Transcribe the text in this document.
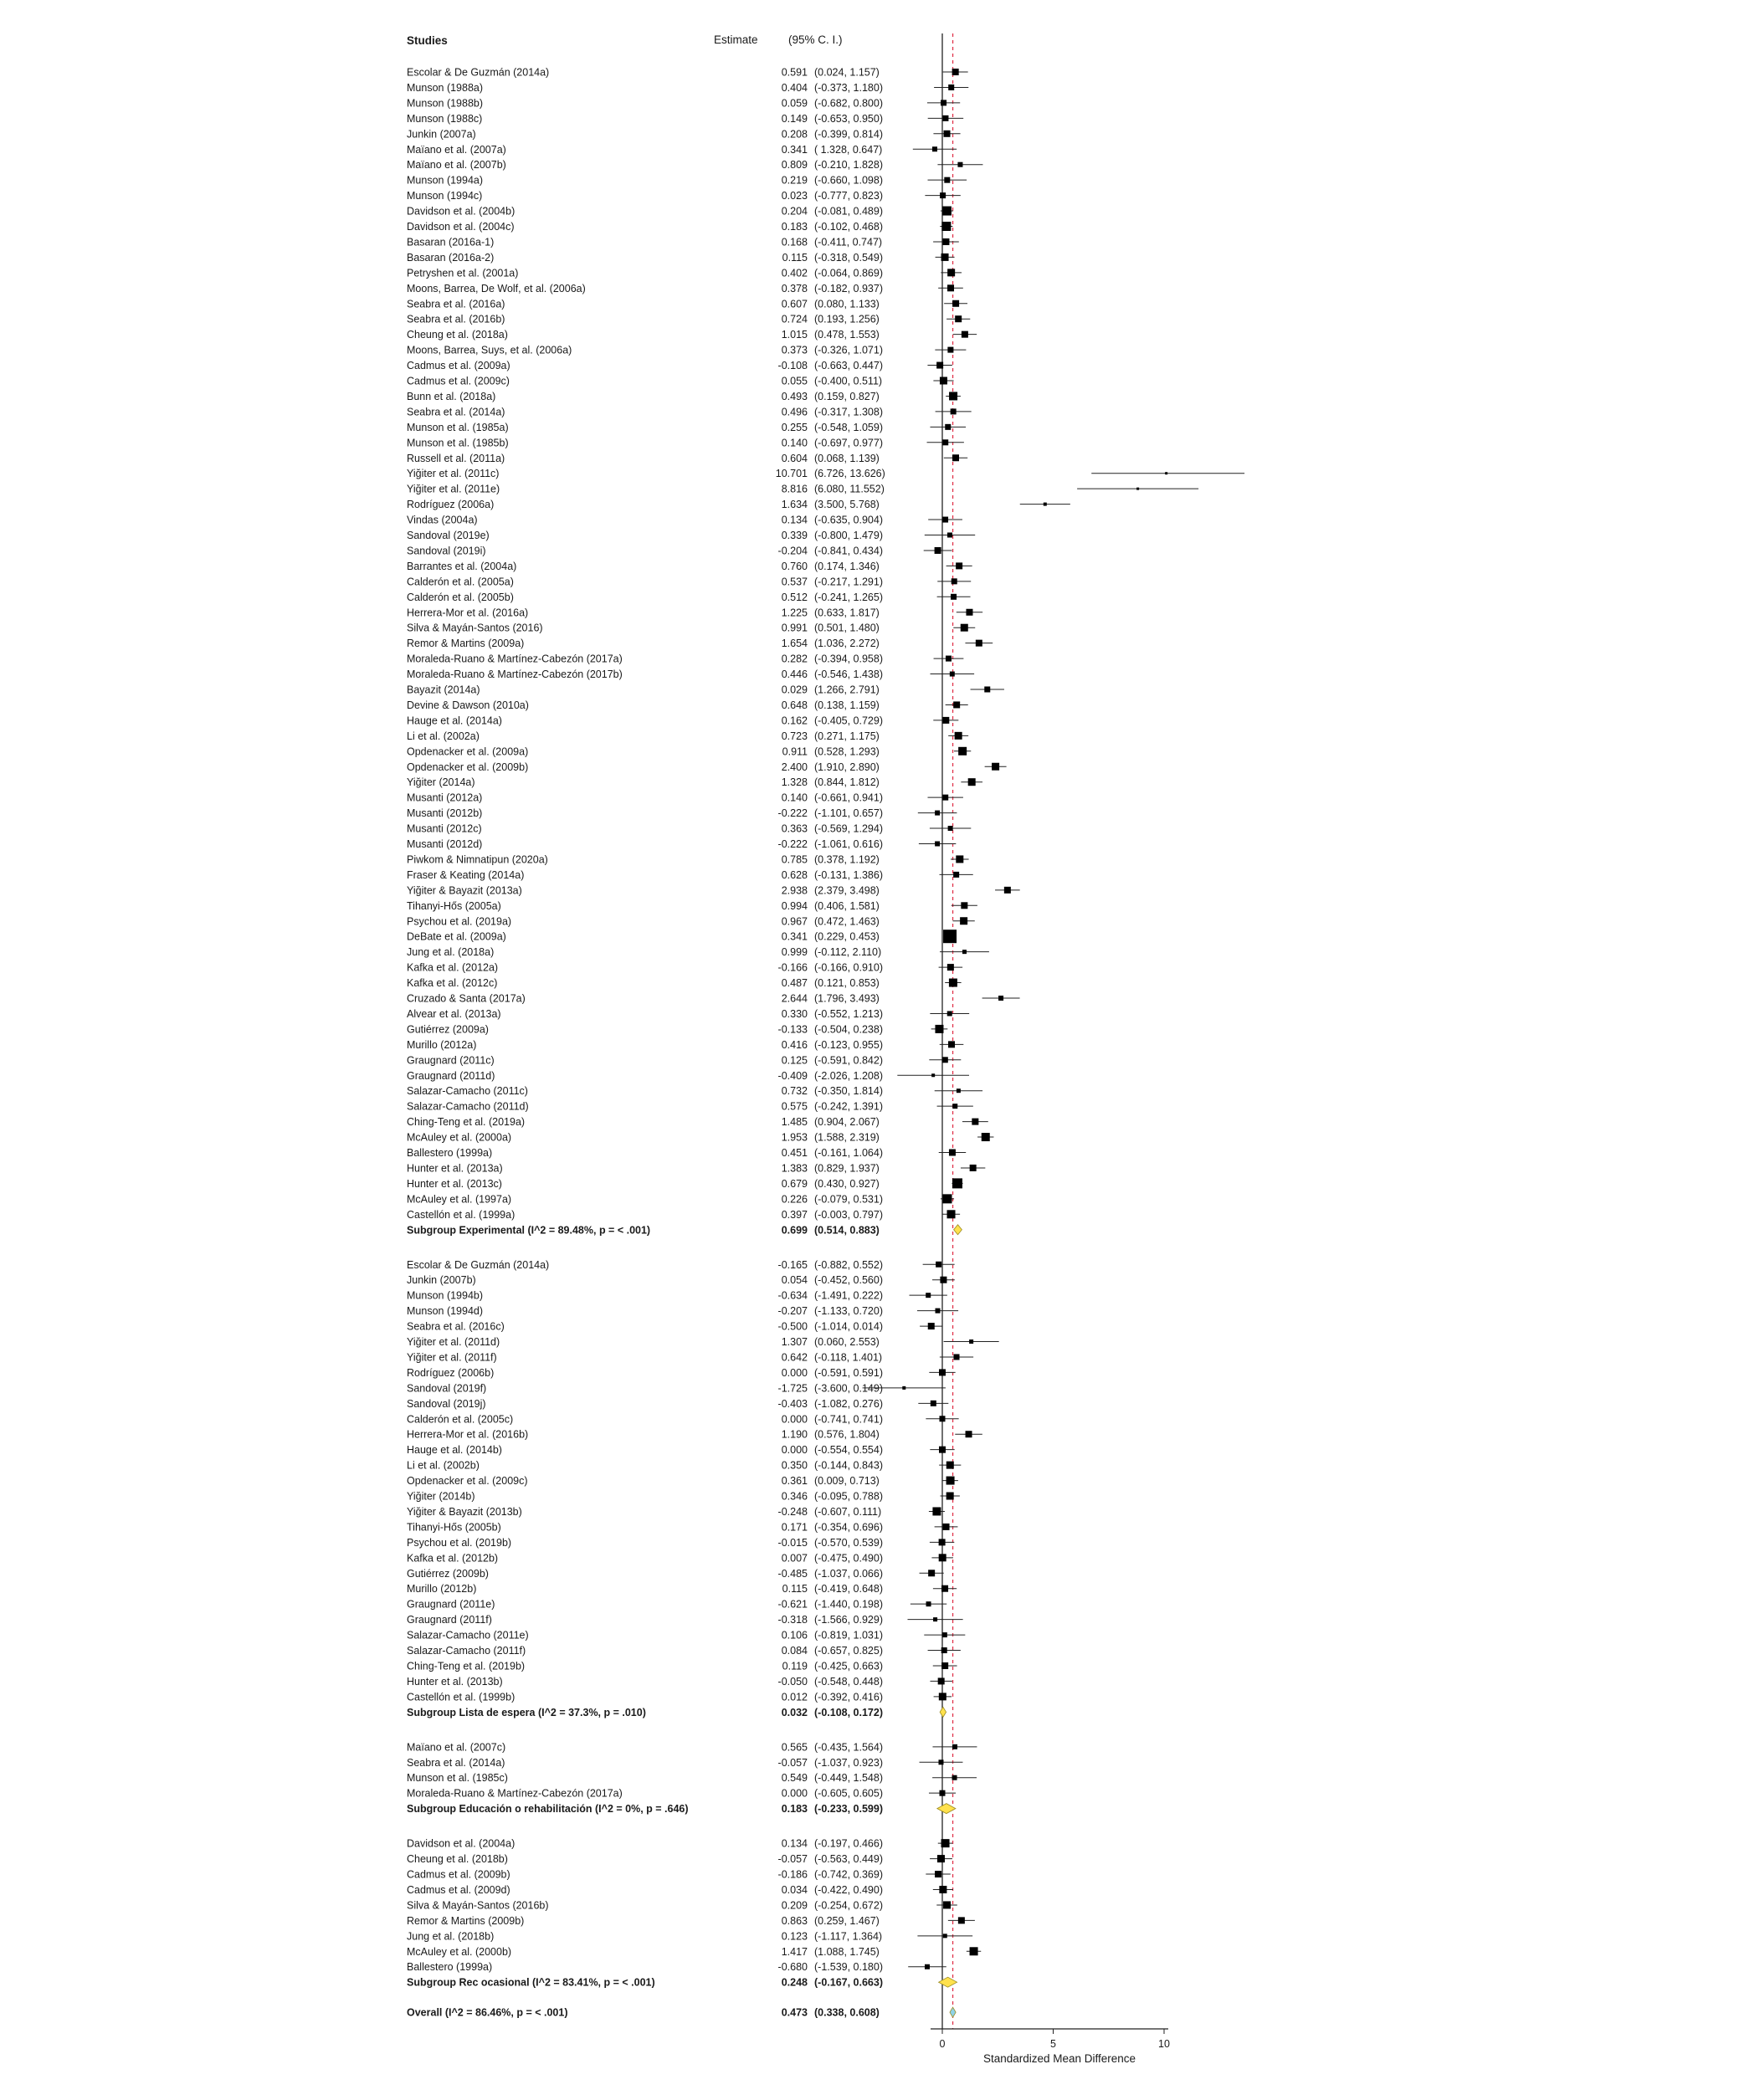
Studies	Estimate	(95% C. I.)
Escolar & De Guzmán (2014a)	0.591 (0.024, 1.157)
Munson (1988a)	0.404 (-0.373, 1.180)
Munson (1988b)	0.059 (-0.682, 0.800)
Munson (1988c)	0.149 (-0.653, 0.950)
Junkin (2007a)	0.208 (-0.399, 0.814)
Maïano et al. (2007a)	0.341 ( 1.328, 0.647)
Maïano et al. (2007b)	0.809 (-0.210, 1.828)
Munson (1994a)	0.219 (-0.660, 1.098)
Munson (1994c)	0.023 (-0.777, 0.823)
Davidson et al. (2004b)	0.204 (-0.081, 0.489)
Davidson et al. (2004c)	0.183 (-0.102, 0.468)
Basaran (2016a-1)	0.168 (-0.411, 0.747)
Basaran (2016a-2)	0.115 (-0.318, 0.549)
Petryshen et al. (2001a)	0.402 (-0.064, 0.869)
Moons, Barrea, De Wolf, et al. (2006a)	0.378 (-0.182, 0.937)
Seabra et al. (2016a)	0.607 (0.080, 1.133)
Seabra et al. (2016b)	0.724 (0.193, 1.256)
Cheung et al. (2018a)	1.015 (0.478, 1.553)
Moons, Barrea, Suys, et al. (2006a)	0.373 (-0.326, 1.071)
Cadmus et al. (2009a)	-0.108 (-0.663, 0.447)
Cadmus et al. (2009c)	0.055 (-0.400, 0.511)
Bunn et al. (2018a)	0.493 (0.159, 0.827)
Seabra et al. (2014a)	0.496 (-0.317, 1.308)
Munson et al. (1985a)	0.255 (-0.548, 1.059)
Munson et al. (1985b)	0.140 (-0.697, 0.977)
Russell et al. (2011a)	0.604 (0.068, 1.139)
Yiğiter et al. (2011c)	10.701 (6.726, 13.626)
Yiğiter et al. (2011e)	8.816 (6.080, 11.552)
Rodríguez (2006a)	1.634 (3.500, 5.768)
Vindas (2004a)	0.134 (-0.635, 0.904)
Sandoval (2019e)	0.339 (-0.800, 1.479)
Sandoval (2019i)	-0.204 (-0.841, 0.434)
Barrantes et al. (2004a)	0.760 (0.174, 1.346)
Calderón et al. (2005a)	0.537 (-0.217, 1.291)
Calderón et al. (2005b)	0.512 (-0.241, 1.265)
Herrera-Mor et al. (2016a)	1.225 (0.633, 1.817)
Silva & Mayán-Santos (2016)	0.991 (0.501, 1.480)
Remor & Martins (2009a)	1.654 (1.036, 2.272)
Moraleda-Ruano & Martínez-Cabezón (2017a)	0.282 (-0.394, 0.958)
Moraleda-Ruano & Martínez-Cabezón (2017b)	0.446 (-0.546, 1.438)
Bayazit (2014a)	0.029 (1.266, 2.791)
Devine & Dawson (2010a)	0.648 (0.138, 1.159)
Hauge et al. (2014a)	0.162 (-0.405, 0.729)
Li et al. (2002a)	0.723 (0.271, 1.175)
Opdenacker et al. (2009a)	0.911 (0.528, 1.293)
Opdenacker et al. (2009b)	2.400 (1.910, 2.890)
Yiğiter (2014a)	1.328 (0.844, 1.812)
Musanti (2012a)	0.140 (-0.661, 0.941)
Musanti (2012b)	-0.222 (-1.101, 0.657)
Musanti (2012c)	0.363 (-0.569, 1.294)
Musanti (2012d)	-0.222 (-1.061, 0.616)
Piwkom & Nimnatipun (2020a)	0.785 (0.378, 1.192)
Fraser & Keating (2014a)	0.628 (-0.131, 1.386)
Yiğiter & Bayazit (2013a)	2.938 (2.379, 3.498)
Tihanyi-Hős (2005a)	0.994 (0.406, 1.581)
Psychou et al. (2019a)	0.967 (0.472, 1.463)
DeBate et al. (2009a)	0.341 (0.229, 0.453)
Jung et al. (2018a)	0.999 (-0.112, 2.110)
Kafka et al. (2012a)	-0.166 (-0.166, 0.910)
Kafka et al. (2012c)	0.487 (0.121, 0.853)
Cruzado & Santa (2017a)	2.644 (1.796, 3.493)
Alvear et al. (2013a)	0.330 (-0.552, 1.213)
Gutiérrez (2009a)	-0.133 (-0.504, 0.238)
Murillo (2012a)	0.416 (-0.123, 0.955)
Graugnard (2011c)	0.125 (-0.591, 0.842)
Graugnard (2011d)	-0.409 (-2.026, 1.208)
Salazar-Camacho (2011c)	0.732 (-0.350, 1.814)
Salazar-Camacho (2011d)	0.575 (-0.242, 1.391)
Ching-Teng et al. (2019a)	1.485 (0.904, 2.067)
McAuley et al. (2000a)	1.953 (1.588, 2.319)
Ballestero (1999a)	0.451 (-0.161, 1.064)
Hunter et al. (2013a)	1.383 (0.829, 1.937)
Hunter et al. (2013c)	0.679 (0.430, 0.927)
McAuley et al. (1997a)	0.226 (-0.079, 0.531)
Castellón et al. (1999a)	0.397 (-0.003, 0.797)
Subgroup Experimental (I^2 = 89.48%, p = < .001)	0.699 (0.514, 0.883)
Escolar & De Guzmán (2014a)	-0.165 (-0.882, 0.552)
Junkin (2007b)	0.054 (-0.452, 0.560)
Munson (1994b)	-0.634 (-1.491, 0.222)
Munson (1994d)	-0.207 (-1.133, 0.720)
Seabra et al. (2016c)	-0.500 (-1.014, 0.014)
Yiğiter et al. (2011d)	1.307 (0.060, 2.553)
Yiğiter et al. (2011f)	0.642 (-0.118, 1.401)
Rodríguez (2006b)	0.000 (-0.591, 0.591)
Sandoval (2019f)	-1.725 (-3.600, 0.149)
Sandoval (2019j)	-0.403 (-1.082, 0.276)
Calderón et al. (2005c)	0.000 (-0.741, 0.741)
Herrera-Mor et al. (2016b)	1.190 (0.576, 1.804)
Hauge et al. (2014b)	0.000 (-0.554, 0.554)
Li et al. (2002b)	0.350 (-0.144, 0.843)
Opdenacker et al. (2009c)	0.361 (0.009, 0.713)
Yiğiter (2014b)	0.346 (-0.095, 0.788)
Yiğiter & Bayazit (2013b)	-0.248 (-0.607, 0.111)
Tihanyi-Hős (2005b)	0.171 (-0.354, 0.696)
Psychou et al. (2019b)	-0.015 (-0.570, 0.539)
Kafka et al. (2012b)	0.007 (-0.475, 0.490)
Gutiérrez (2009b)	-0.485 (-1.037, 0.066)
Murillo (2012b)	0.115 (-0.419, 0.648)
Graugnard (2011e)	-0.621 (-1.440, 0.198)
Graugnard (2011f)	-0.318 (-1.566, 0.929)
Salazar-Camacho (2011e)	0.106 (-0.819, 1.031)
Salazar-Camacho (2011f)	0.084 (-0.657, 0.825)
Ching-Teng et al. (2019b)	0.119 (-0.425, 0.663)
Hunter et al. (2013b)	-0.050 (-0.548, 0.448)
Castellón et al. (1999b)	0.012 (-0.392, 0.416)
Subgroup Lista de espera (I^2 = 37.3%, p = .010)	0.032 (-0.108, 0.172)
Maïano et al. (2007c)	0.565 (-0.435, 1.564)
Seabra et al. (2014a)	-0.057 (-1.037, 0.923)
Munson et al. (1985c)	0.549 (-0.449, 1.548)
Moraleda-Ruano & Martínez-Cabezón (2017a)	0.000 (-0.605, 0.605)
Subgroup Educación o rehabilitación (I^2 = 0%, p = .646)	0.183 (-0.233, 0.599)
Davidson et al. (2004a)	0.134 (-0.197, 0.466)
Cheung et al. (2018b)	-0.057 (-0.563, 0.449)
Cadmus et al. (2009b)	-0.186 (-0.742, 0.369)
Cadmus et al. (2009d)	0.034 (-0.422, 0.490)
Silva & Mayán-Santos (2016b)	0.209 (-0.254, 0.672)
Remor & Martins (2009b)	0.863 (0.259, 1.467)
Jung et al. (2018b)	0.123 (-1.117, 1.364)
McAuley et al. (2000b)	1.417 (1.088, 1.745)
Ballestero (1999a)	-0.680 (-1.539, 0.180)
Subgroup Rec ocasional (I^2 = 83.41%, p = < .001)	0.248 (-0.167, 0.663)
Overall (I^2 = 86.46%, p = < .001)	0.473 (0.338, 0.608)
0	5	10
Standardized Mean Difference
